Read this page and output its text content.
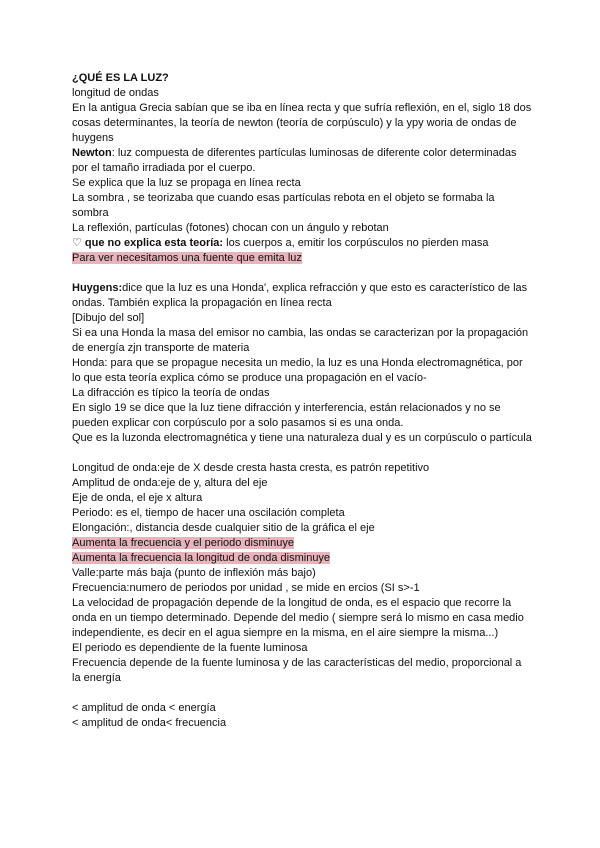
¿QUÉ ES LA LUZ?
longitud de ondas
En la antigua Grecia sabían que se iba en línea recta y que sufría reflexión, en el, siglo 18 dos cosas determinantes, la teoría de newton (teoría de corpúsculo) y la ypy woria de ondas de huygens
Newton: luz compuesta de diferentes partículas luminosas de diferente color determinadas por el tamaño irradiada por el cuerpo.
Se explica que la luz se propaga en línea recta
La sombra , se teorizaba que cuando esas partículas rebota en el objeto se formaba la sombra
La reflexión, partículas (fotones) chocan con un ángulo y rebotan
♡ que no explica esta teoría: los cuerpos a, emitir los corpúsculos no pierden masa
Para ver necesitamos una fuente que emita luz
Huygens:dice que la luz es una Honda', explica refracción y que esto es característico de las ondas. También explica la propagación en línea recta
[Dibujo del sol]
Si ea una Honda la masa del emisor no cambia, las ondas se caracterizan por la propagación de energía zjn transporte de materia
Honda: para que se propague necesita un medio, la luz es una Honda electromagnética, por lo que esta teoría explica cómo se produce una propagación en el vacío-
La difracción es típico la teoría de ondas
En siglo 19 se dice que la luz tiene difracción y interferencia, están relacionados y no se pueden explicar con corpúsculo por a solo pasamos si es una onda.
Que es la luzonda electromagnética y tiene una naturaleza dual y es un corpúsculo o partícula
Longitud de onda:eje de X desde cresta hasta cresta, es patrón repetitivo
Amplitud de onda:eje de y, altura del eje
Eje de onda, el eje x altura
Periodo: es el, tiempo de hacer una oscilación completa
Elongación:, distancia desde cualquier sitio de la gráfica el eje
Aumenta la frecuencia y el periodo disminuye
Aumenta la frecuencia la longitud de onda disminuye
Valle:parte más baja (punto de inflexión más bajo)
Frecuencia:numero de periodos por unidad , se mide en ercios (SI s>-1
La velocidad de propagación depende de la longitud de onda, es el espacio que recorre la onda en un tiempo determinado. Depende del medio ( siempre será lo mismo en casa medio independiente, es decir en el agua siempre en la misma, en el aire siempre la misma...)
El periodo es dependiente de la fuente luminosa
Frecuencia depende de la fuente luminosa y de las características del medio, proporcional a la energía
< amplitud de onda < energía
< amplitud de onda< frecuencia
